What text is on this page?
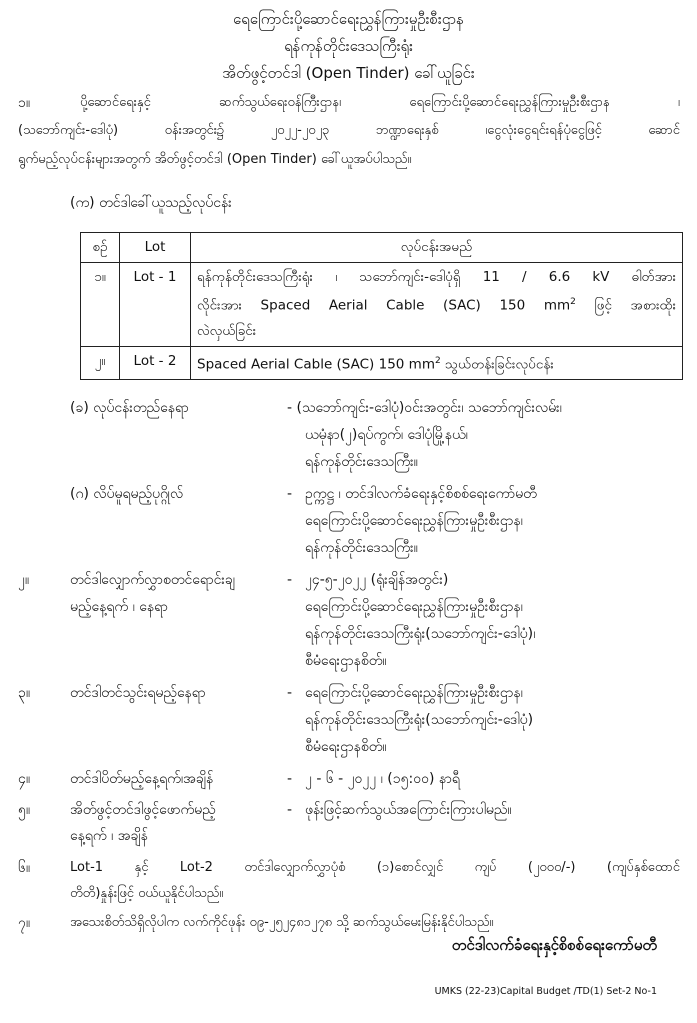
ရေကြောင်းပို့ဆောင်ရေးညွှန်ကြားမှုဦးစီးဌာန
ရန်ကုန်တိုင်းဒေသကြီးရုံး
အိတ်ဖွင့်တင်ဒါ (Open Tinder) ခေါ်ယူခြင်း
၁။	ပို့ဆောင်ရေးနှင့် ဆက်သွယ်ရေးဝန်ကြီးဌာန၊ ရေကြောင်းပို့ဆောင်ရေးညွှန်ကြားမှုဦးစီးဌာန ၊
(သဘော်ကျင်း-ဒေါပုံ) ဝန်းအတွင်း၌ ၂၀၂၂-၂၀၂၃ ဘဏ္ဍာရေးနှစ် ၊ငွေလုံးငွေရင်းရန်ပုံငွေဖြင့် ဆောင်
ရွက်မည့်လုပ်ငန်းများအတွက် အိတ်ဖွင့်တင်ဒါ (Open Tinder) ခေါ်ယူအပ်ပါသည်။
(က) တင်ဒါခေါ်ယူသည့်လုပ်ငန်း
စဉ်	Lot	လုပ်ငန်းအမည်
၁။	Lot - 1	ရန်ကုန်တိုင်းဒေသကြီးရုံး ၊ သဘော်ကျင်း-ဒေါပုံရှိ 11 / 6.6 kV ဓါတ်အား
လိုင်းအား Spaced Aerial Cable (SAC) 150 $mm^2$ ဖြင့် အစားထိုး
လဲလှယ်ခြင်း

၂။	Lot - 2	Spaced Aerial Cable (SAC) 150 $mm^2$ သွယ်တန်းခြင်းလုပ်ငန်း
(ခ) လုပ်ငန်းတည်နေရာ	- (သဘော်ကျင်း-ဒေါပုံ)ဝင်းအတွင်း၊ သဘော်ကျင်းလမ်း၊
ယမုံနာ(၂)ရပ်ကွက်၊ ဒေါပုံမြို့နယ်၊
ရန်ကုန်တိုင်းဒေသကြီး။
(ဂ) လိပ်မူရမည့်ပုဂ္ဂိုလ်	- ဥက္ကဋ္ဌ ၊ တင်ဒါလက်ခံရေးနှင့်စိစစ်ရေးကော်မတီ
ရေကြောင်းပို့ဆောင်ရေးညွှန်ကြားမှုဦးစီးဌာန၊
ရန်ကုန်တိုင်းဒေသကြီး။
၂။	တင်ဒါလျှောက်လွှာစတင်ရောင်းချ
မည့်နေ့ရက် ၊ နေရာ
- ၂၄-၅-၂၀၂၂ (ရုံးချိန်အတွင်း)
ရေကြောင်းပို့ဆောင်ရေးညွှန်ကြားမှုဦးစီးဌာန၊
ရန်ကုန်တိုင်းဒေသကြီးရုံး(သဘော်ကျင်း-ဒေါပုံ)၊
စီမံရေးဌာနစိတ်။
၃။	တင်ဒါတင်သွင်းရမည့်နေရာ	- ရေကြောင်းပို့ဆောင်ရေးညွှန်ကြားမှုဦးစီးဌာန၊
ရန်ကုန်တိုင်းဒေသကြီးရုံး(သဘော်ကျင်း-ဒေါပုံ)
စီမံရေးဌာနစိတ်။
၄။	တင်ဒါပိတ်မည့်နေ့ရက်၊အချိန်	- ၂ - ၆ - ၂၀၂၂ ၊ (၁၅:၀၀) နာရီ
၅။	အိတ်ဖွင့်တင်ဒါဖွင့်ဖောက်မည့်
နေ့ရက် ၊ အချိန်
- ဖုန်းဖြင့်ဆက်သွယ်အကြောင်းကြားပါမည်။
၆။	Lot-1 နှင့် Lot-2 တင်ဒါလျှောက်လွှာပုံစံ (၁)စောင်လျှင် ကျပ် (၂၀၀၀/-) (ကျပ်နှစ်ထောင်
တိတိ)နှုန်းဖြင့် ဝယ်ယူနိုင်ပါသည်။
၇။	အသေးစိတ်သိရှိလိုပါက လက်ကိုင်ဖုန်း ၀၉-၂၅၂၄၈၁၂၇၈ သို့ ဆက်သွယ်မေးမြန်းနိုင်ပါသည်။
တင်ဒါလက်ခံရေးနှင့်စိစစ်ရေးကော်မတီ
UMKS (22-23)Capital Budget /TD(1) Set-2 No-1
